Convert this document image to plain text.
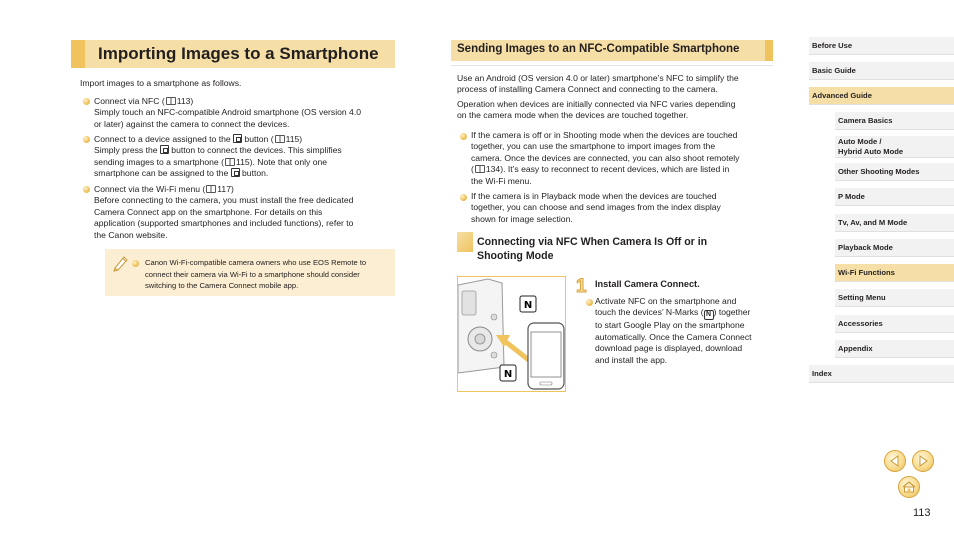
Importing Images to a Smartphone
Import images to a smartphone as follows.
Connect via NFC ( 113)
Simply touch an NFC-compatible Android smartphone (OS version 4.0
or later) against the camera to connect the devices.
Connect to a device assigned to the  button ( 115)
Simply press the  button to connect the devices. This simplifies
sending images to a smartphone ( 115). Note that only one
smartphone can be assigned to the  button.
Connect via the Wi-Fi menu ( 117)
Before connecting to the camera, you must install the free dedicated
Camera Connect app on the smartphone. For details on this
application (supported smartphones and included functions), refer to
the Canon website.
Canon Wi-Fi-compatible camera owners who use EOS Remote to
connect their camera via Wi-Fi to a smartphone should consider
switching to the Camera Connect mobile app.
Sending Images to an NFC-Compatible Smartphone
Use an Android (OS version 4.0 or later) smartphone’s NFC to simplify the
process of installing Camera Connect and connecting to the camera.
Operation when devices are initially connected via NFC varies depending
on the camera mode when the devices are touched together.
If the camera is off or in Shooting mode when the devices are touched
together, you can use the smartphone to import images from the
camera. Once the devices are connected, you can also shoot remotely
( 134). It’s easy to reconnect to recent devices, which are listed in
the Wi-Fi menu.
If the camera is in Playback mode when the devices are touched
together, you can choose and send images from the index display
shown for image selection.
Connecting via NFC When Camera Is Off or in
Shooting Mode
N
N
1 Install Camera Connect.
Activate NFC on the smartphone and
touch the devices’ N-Marks ( N ) together
to start Google Play on the smartphone
automatically. Once the Camera Connect
download page is displayed, download
and install the app.
Before Use
Basic Guide
Advanced Guide
Camera Basics
Auto Mode /
Hybrid Auto Mode
Other Shooting Modes
P Mode
Tv, Av, and M Mode
Playback Mode
Wi-Fi Functions
Setting Menu
Accessories
Appendix
Index
113
